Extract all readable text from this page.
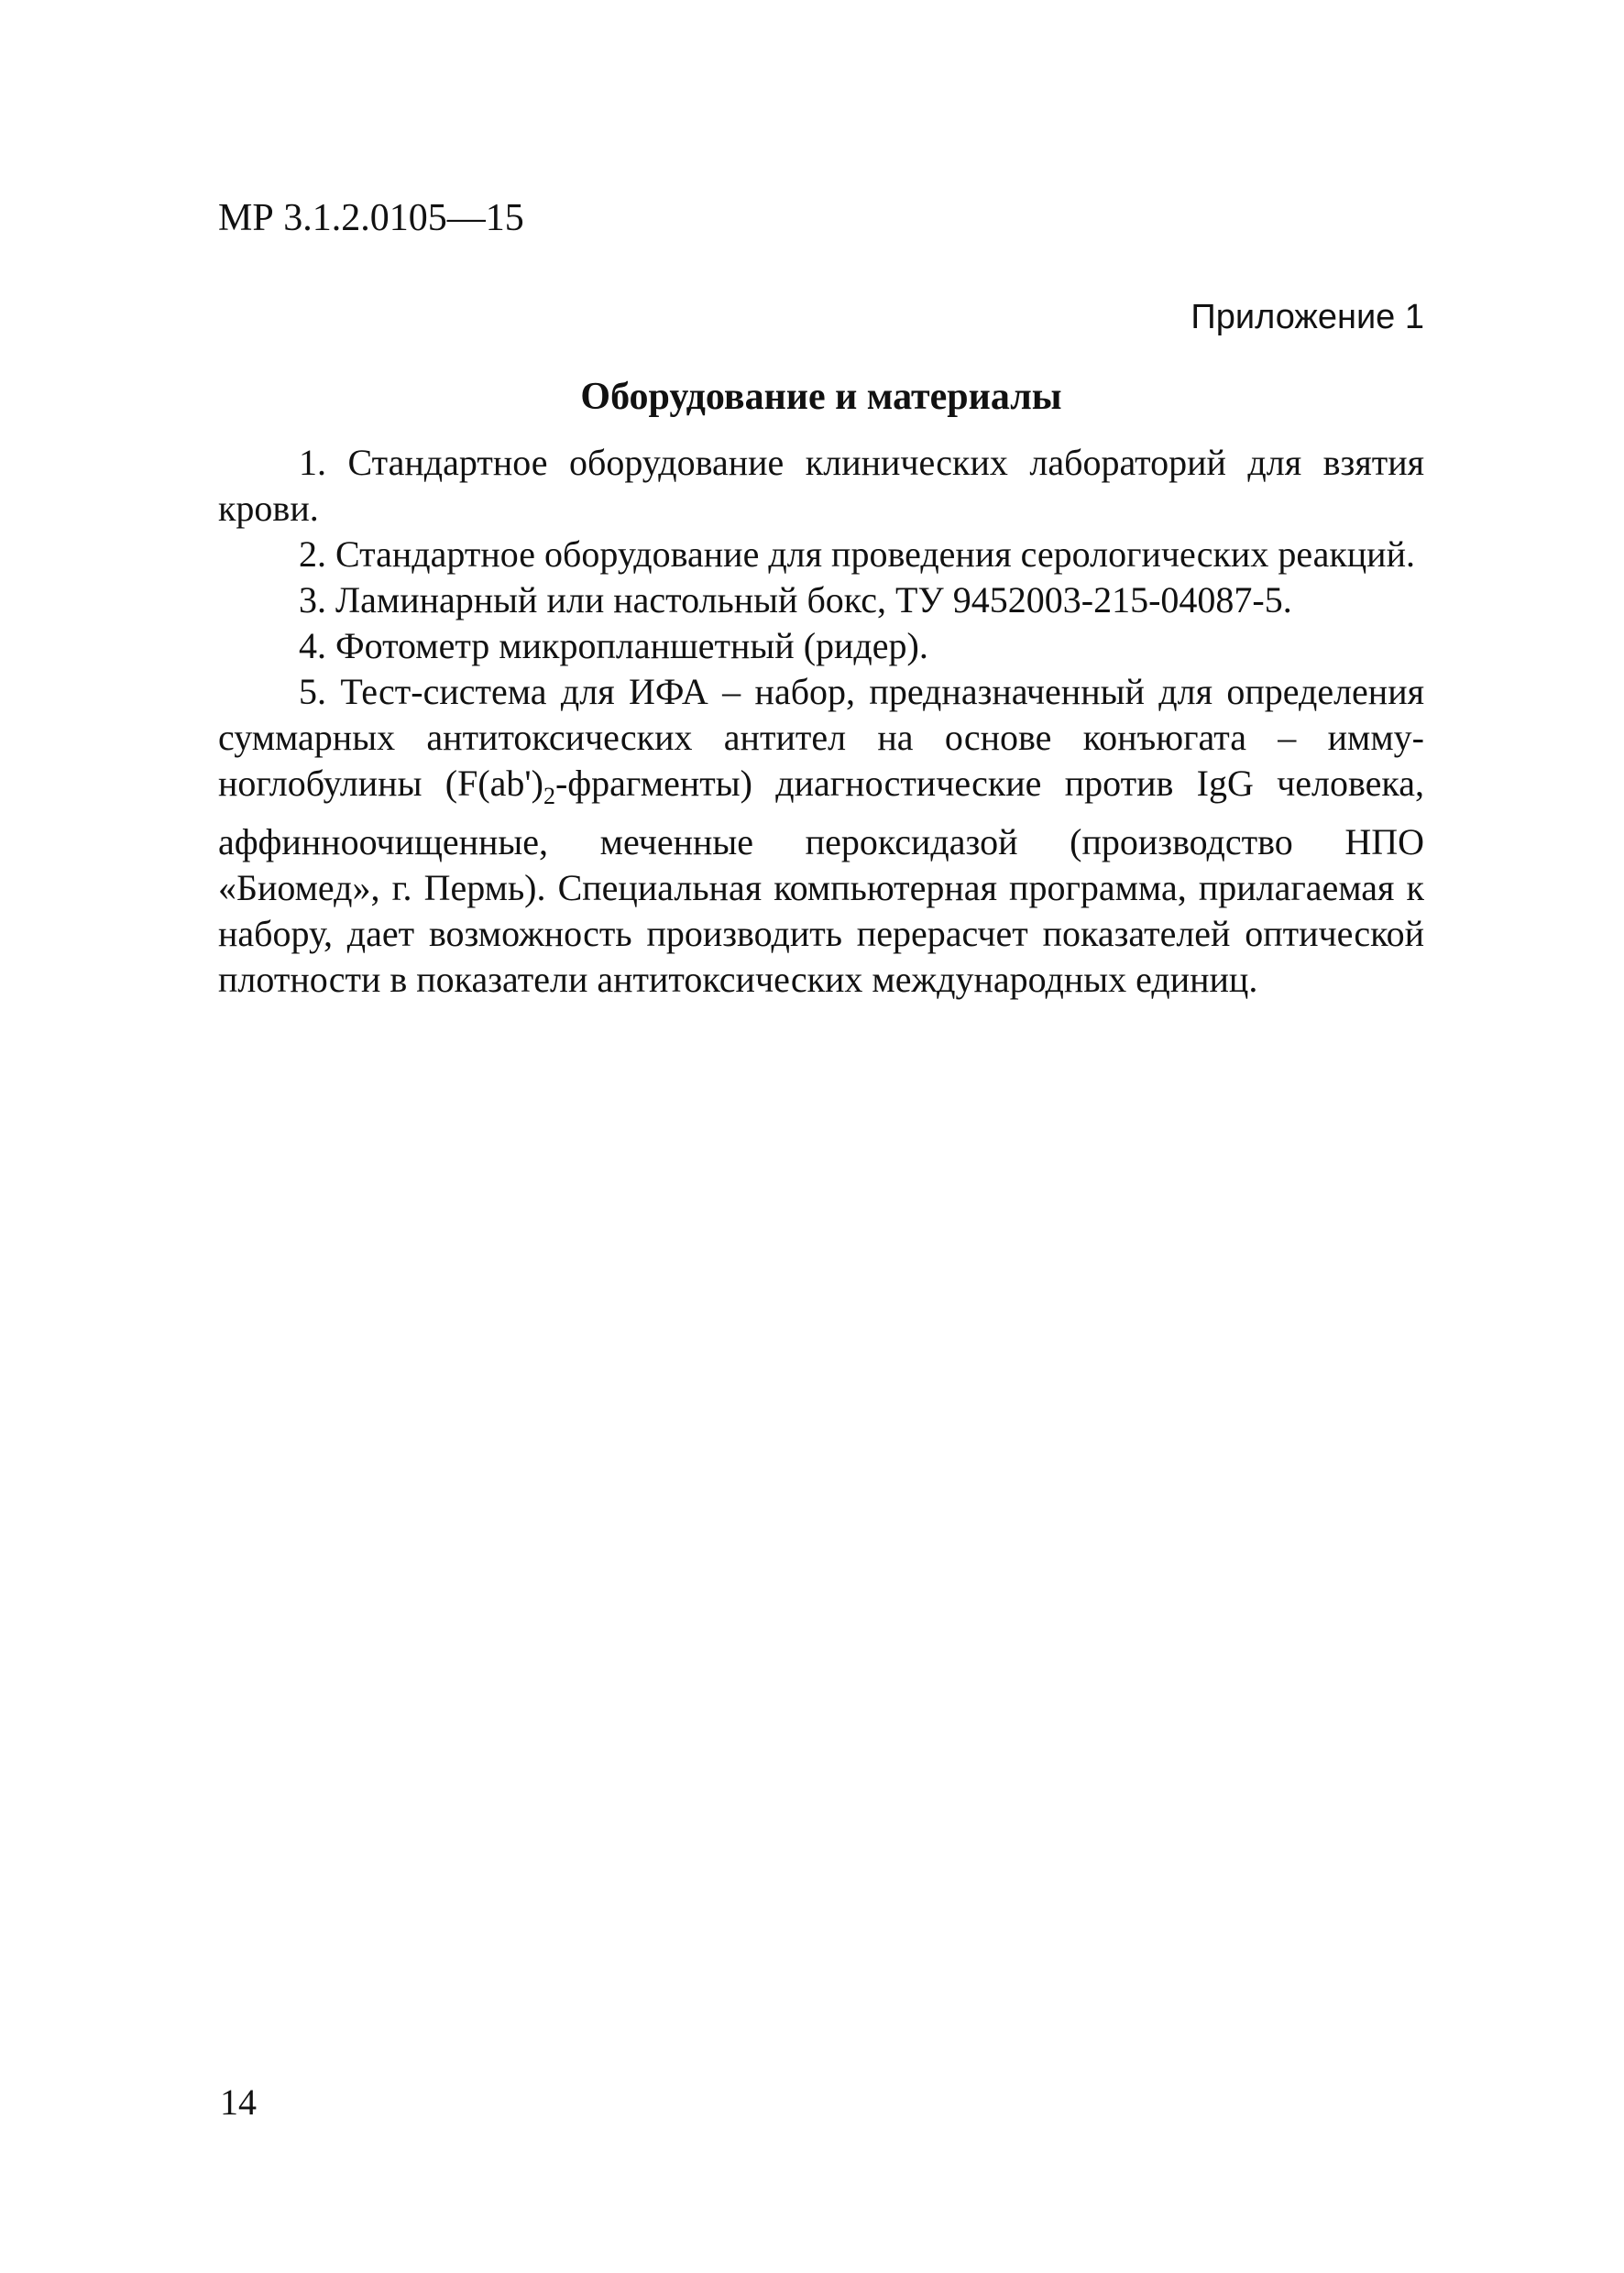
МР 3.1.2.0105—15
Приложение 1
Оборудование и материалы

1. Стандартное оборудование клинических лабораторий для взятия крови.

2. Стандартное оборудование для проведения серологических реакций.

3. Ламинарный или настольный бокс, ТУ 9452003-215-04087-5.

4. Фотометр микропланшетный (ридер).

5. Тест-система для ИФА – набор, предназначенный для определения суммарных антитоксических антител на основе конъюгата – иммуноглобулины $(F(ab')_2-фрагменты)$ диагностические против IgG человека, аффинноочищенные, меченные пероксидазой (производство НПО «Биомед», г. Пермь). Специальная компьютерная программа, прилагаемая к набору, дает возможность производить перерасчет показателей оптической плотности в показатели антитоксических международных единиц.

14
